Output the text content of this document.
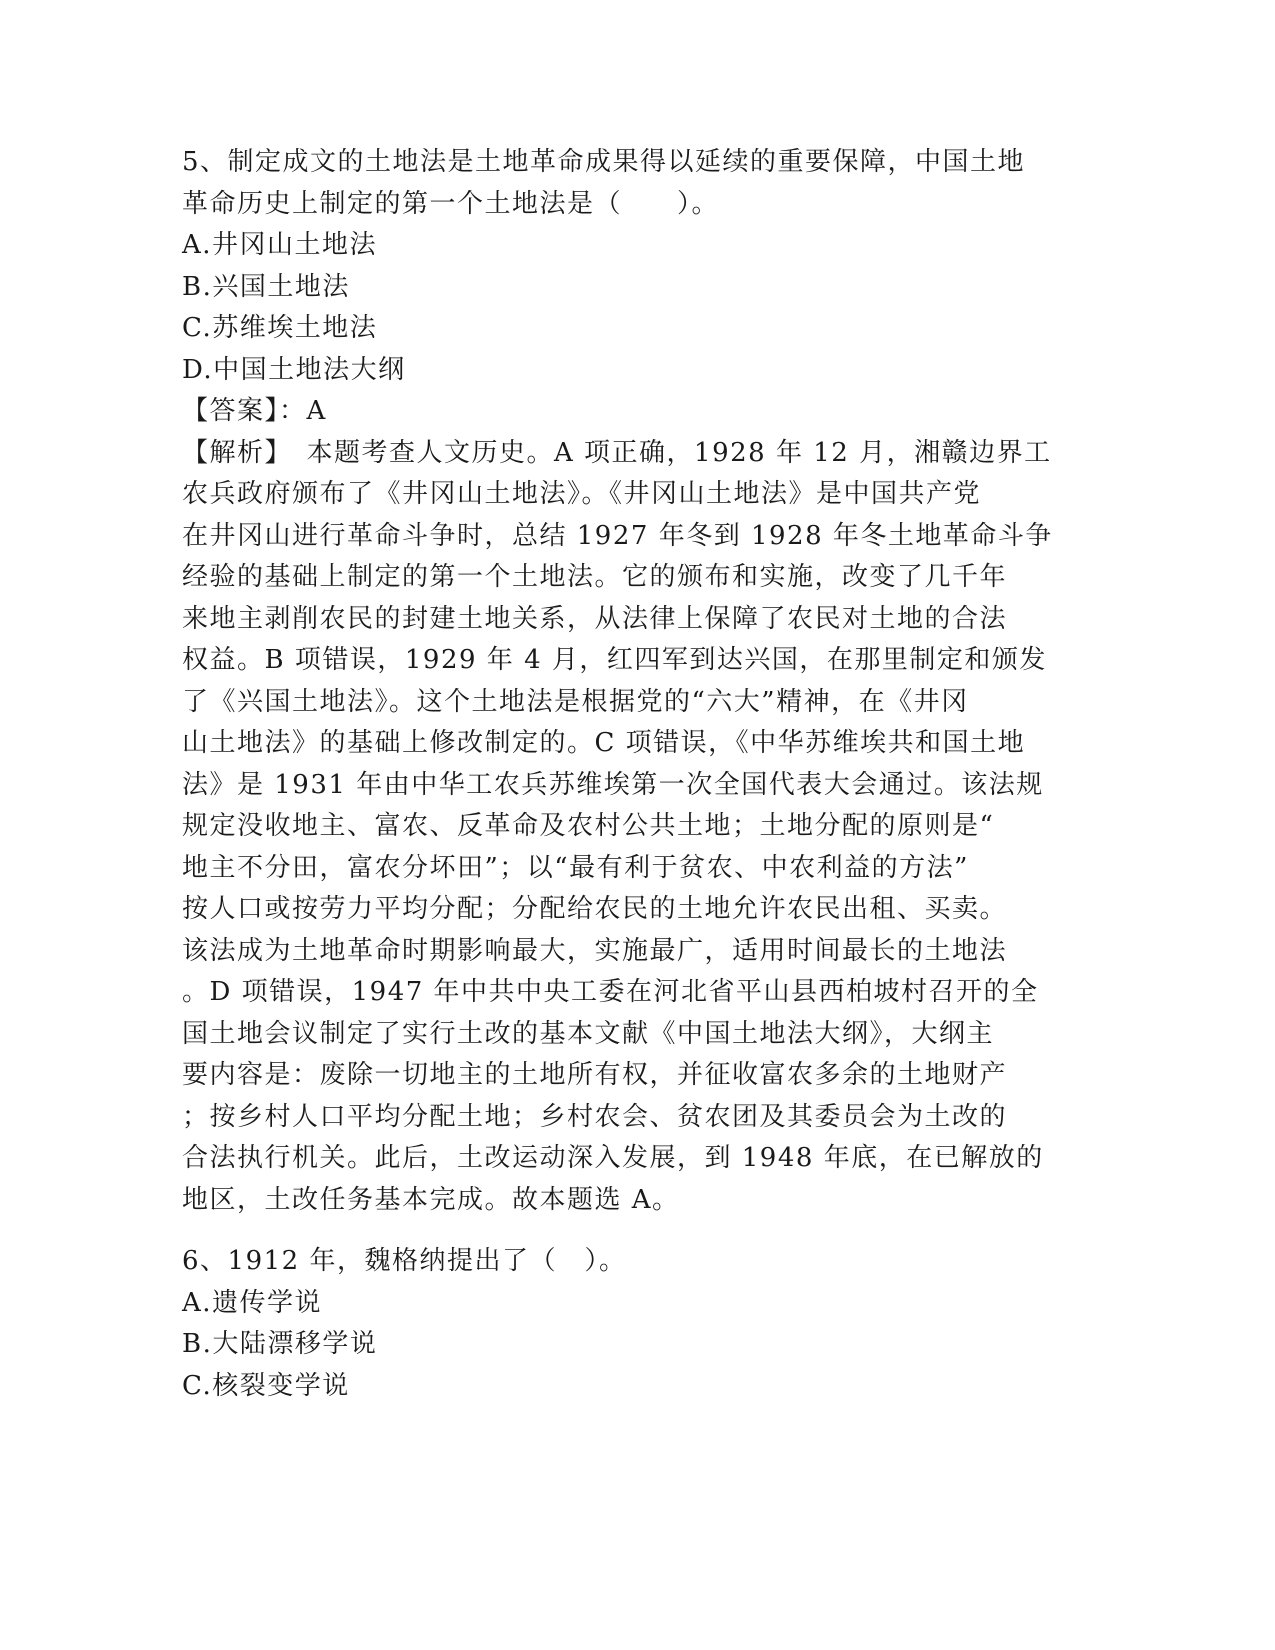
5、制定成文的土地法是土地革命成果得以延续的重要保障，中国土地
革命历史上制定的第一个土地法是（　　）。
A.井冈山土地法
B.兴国土地法
C.苏维埃土地法
D.中国土地法大纲
【答案】：A
【解析】　本题考查人文历史。A 项正确，1928 年 12 月，湘赣边界工
农兵政府颁布了《井冈山土地法》。《井冈山土地法》是中国共产党
在井冈山进行革命斗争时，总结 1927 年冬到 1928 年冬土地革命斗争
经验的基础上制定的第一个土地法。它的颁布和实施，改变了几千年
来地主剥削农民的封建土地关系，从法律上保障了农民对土地的合法
权益。B 项错误，1929 年 4 月，红四军到达兴国，在那里制定和颁发
了《兴国土地法》。这个土地法是根据党的“六大”精神，在《井冈
山土地法》的基础上修改制定的。C 项错误，《中华苏维埃共和国土地
法》是 1931 年由中华工农兵苏维埃第一次全国代表大会通过。该法规
规定没收地主、富农、反革命及农村公共土地；土地分配的原则是“
地主不分田，富农分坏田”；以“最有利于贫农、中农利益的方法”
按人口或按劳力平均分配；分配给农民的土地允许农民出租、买卖。
该法成为土地革命时期影响最大，实施最广，适用时间最长的土地法
。D 项错误，1947 年中共中央工委在河北省平山县西柏坡村召开的全
国土地会议制定了实行土改的基本文献《中国土地法大纲》，大纲主
要内容是：废除一切地主的土地所有权，并征收富农多余的土地财产
；按乡村人口平均分配土地；乡村农会、贫农团及其委员会为土改的
合法执行机关。此后，土改运动深入发展，到 1948 年底，在已解放的
地区，土改任务基本完成。故本题选 A。
6、1912 年，魏格纳提出了（　）。
A.遗传学说
B.大陆漂移学说
C.核裂变学说
